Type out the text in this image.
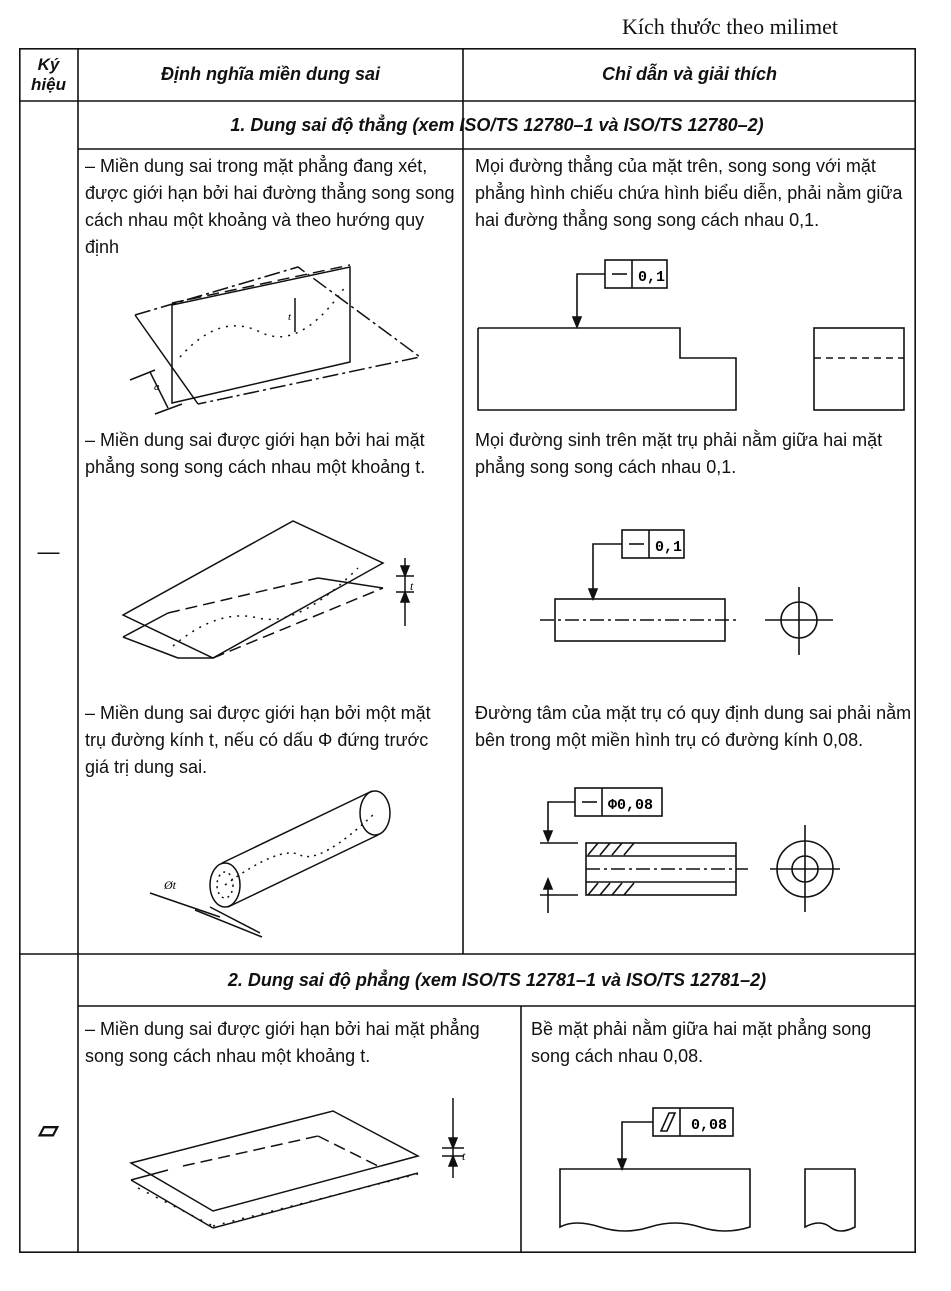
Kích thước theo milimet
Ký hiệu	Định nghĩa miền dung sai	Chỉ dẫn và giải thích
1. Dung sai độ thẳng (xem ISO/TS 12780–1 và ISO/TS 12780–2)
—
– Miền dung sai trong mặt phẳng đang xét, được giới hạn bởi hai đường thẳng song song cách nhau một khoảng và theo hướng quy định
Mọi đường thẳng của mặt trên, song song với mặt phẳng hình chiếu chứa hình biểu diễn, phải nằm giữa hai đường thẳng song song cách nhau 0,1.
– Miền dung sai được giới hạn bởi hai mặt phẳng song song cách nhau một khoảng t.
Mọi đường sinh trên mặt trụ phải nằm giữa hai mặt phẳng song song cách nhau 0,1.
– Miền dung sai được giới hạn bởi một mặt trụ đường kính t, nếu có dấu Φ đứng trước giá trị dung sai.
Đường tâm của mặt trụ có quy định dung sai phải nằm bên trong một miền hình trụ có đường kính 0,08.
2. Dung sai độ phẳng (xem ISO/TS 12781–1 và ISO/TS 12781–2)
▱
– Miền dung sai được giới hạn bởi hai mặt phẳng song song cách nhau một khoảng t.
Bề mặt phải nằm giữa hai mặt phẳng song song cách nhau 0,08.
t
a
0,1
t
0,1
Øt
Φ0,08
t
0,08
